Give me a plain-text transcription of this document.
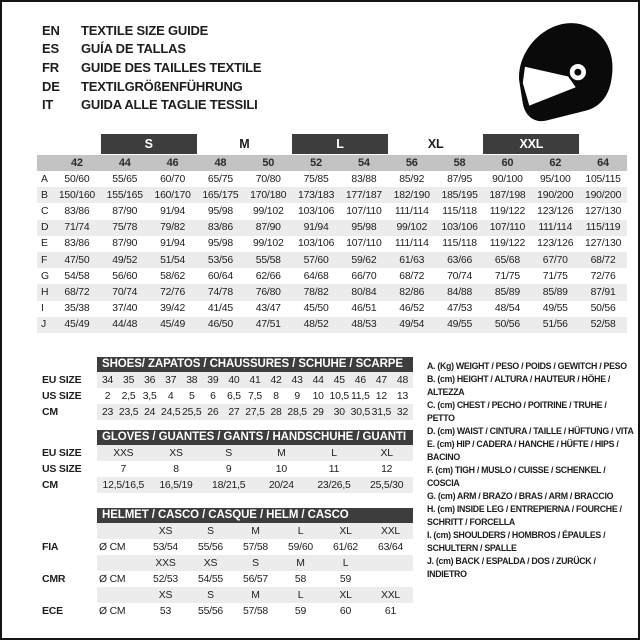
EN	TEXTILE SIZE GUIDE
ES	GUÍA DE TALLAS
FR	GUIDE DES TAILLES TEXTILE
DE	TEXTILGRÖßENFÜHRUNG
IT	GUIDA ALLE TAGLIE TESSILI
S	M	L	XL	XXL
42	44	46	48	50	52	54	56	58	60	62	64
A	50/60	55/65	60/70	65/75	70/80	75/85	83/88	85/92	87/95	90/100	95/100	105/115
B	150/160	155/165	160/170	165/175	170/180	173/183	177/187	182/190	185/195	187/198	190/200	190/200
C	83/86	87/90	91/94	95/98	99/102	103/106	107/110	111/114	115/118	119/122	123/126	127/130
D	71/74	75/78	79/82	83/86	87/90	91/94	95/98	99/102	103/106	107/110	111/114	115/119
E	83/86	87/90	91/94	95/98	99/102	103/106	107/110	111/114	115/118	119/122	123/126	127/130
F	47/50	49/52	51/54	53/56	55/58	57/60	59/62	61/63	63/66	65/68	67/70	68/72
G	54/58	56/60	58/62	60/64	62/66	64/68	66/70	68/72	70/74	71/75	71/75	72/76
H	68/72	70/74	72/76	74/78	76/80	78/82	80/84	82/86	84/88	85/89	85/89	87/91
I	35/38	37/40	39/42	41/45	43/47	45/50	46/51	46/52	47/53	48/54	49/55	50/56
J	45/49	44/48	45/49	46/50	47/51	48/52	48/53	49/54	49/55	50/56	51/56	52/58
SHOES/ ZAPATOS / CHAUSSURES / SCHUHE / SCARPE
EU SIZE	34 35 36 37 38 39 40 41 42 43 44 45 46 47 48
US SIZE	2	2,5 3,5	4	5	6	6,5 7,5	8	9	10 10,5 11,5 12 13
CM	23 23,5 24 24,5 25,5 26 27 27,5 28 28,5 29 30 30,5 31,5 32
GLOVES / GUANTES / GANTS / HANDSCHUHE / GUANTI
EU SIZE	XXS	XS	S	M	L	XL
US SIZE	7	8	9	10	11	12
CM	12,5/16,5	16,5/19	18/21,5	20/24	23/26,5	25,5/30
HELMET / CASCO / CASQUE / HELM / CASCO
XS	S	M	L	XL	XXL
FIA	Ø CM	53/54	55/56	57/58	59/60	61/62	63/64
XXS	XS	S	M	L
CMR	Ø CM	52/53	54/55	56/57	58	59
XS	S	M	L	XL	XXL
ECE	Ø CM	53	55/56	57/58	59	60	61
A. (Kg) WEIGHT / PESO / POIDS / GEWITCH / PESO
B. (cm) HEIGHT / ALTURA / HAUTEUR / HÖHE / ALTEZZA
C. (cm) CHEST / PECHO / POITRINE / TRUHE / PETTO
D. (cm) WAIST / CINTURA / TAILLE / HÜFTUNG / VITA
E. (cm) HIP / CADERA / HANCHE / HÜFTE / HIPS / BACINO
F. (cm) TIGH / MUSLO / CUISSE / SCHENKEL / COSCIA
G. (cm) ARM / BRAZO / BRAS / ARM / BRACCIO
H. (cm) INSIDE LEG / ENTREPIERNA / FOURCHE / SCHRITT / FORCELLA
I. (cm) SHOULDERS / HOMBROS / ÉPAULES / SCHULTERN / SPALLE
J. (cm) BACK / ESPALDA / DOS / ZURÜCK / INDIETRO
